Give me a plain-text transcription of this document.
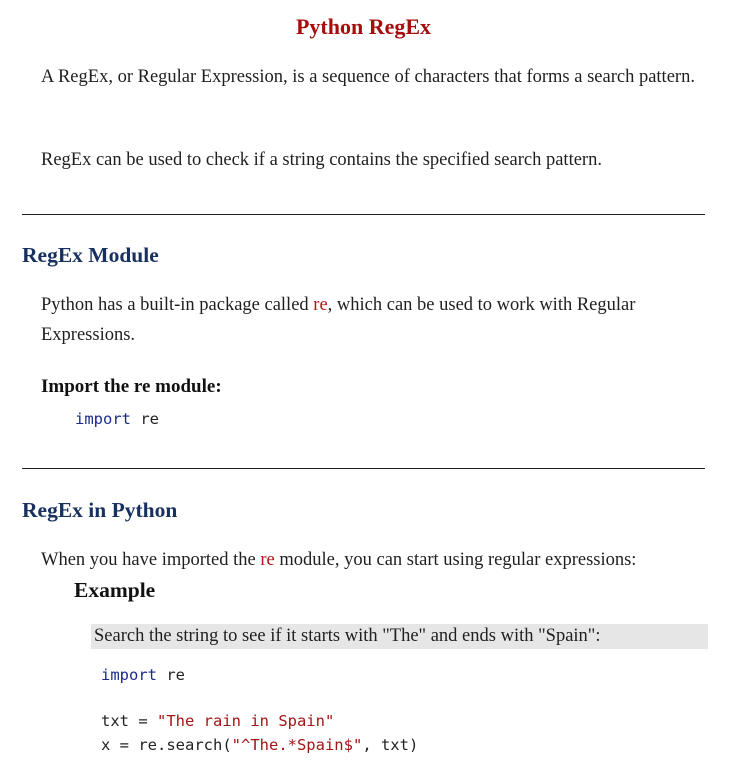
Python RegEx
A RegEx, or Regular Expression, is a sequence of characters that forms a search pattern.
RegEx can be used to check if a string contains the specified search pattern.
RegEx Module
Python has a built-in package called re, which can be used to work with Regular Expressions.
Import the re module:
import re
RegEx in Python
When you have imported the re module, you can start using regular expressions:
Example
Search the string to see if it starts with "The" and ends with "Spain":
import re
txt = "The rain in Spain"
x = re.search("^The.*Spain$", txt)
